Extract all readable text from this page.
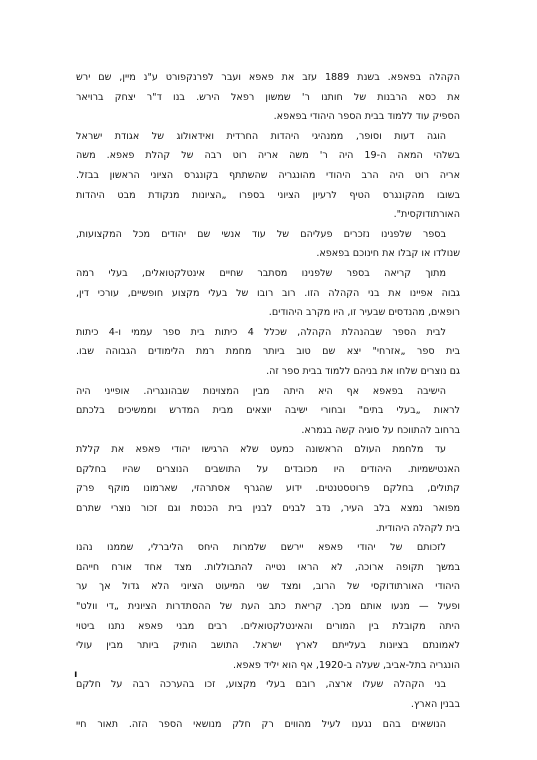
הקהלה בפאפא. בשנת 1889 עזב את פאפא ועבר לפרנקפורט ע"נ מיין, שם ירש
את כסא הרבנות של חותנו ר' שמשון רפאל הירש. בנו ד"ר יצחק ברויאר
הספיק עוד ללמוד בבית הספר היהודי בפאפא.
הוגה דעות וסופר, ממנהיגי היהדות החרדית ואידאולוג של אגודת ישראל
בשלהי המאה ה-19 היה ר' משה אריה רוט רבה של קהלת פאפא. משה
אריה רוט היה הרב היהודי מהונגריה שהשתתף בקונגרס הציוני הראשון בבזל.
בשובו מהקונגרס הטיף לרעיון הציוני בספרו „הציונות מנקודת מבט היהדות
האורתודוקסית".
בספר שלפנינו נזכרים פעליהם של עוד אנשי שם יהודים מכל המקצועות,
שנולדו או קבלו את חינוכם בפאפא.
מתוך קריאה בספר שלפנינו מסתבר שחיים אינטלקטואלים, בעלי רמה
גבוה אפיינו את בני הקהלה הזו. רוב רובו של בעלי מקצוע חופשיים, עורכי דין,
רופאים, מהנדסים שבעיר זו, היו מקרב היהודים.
לבית הספר שבהנהלת הקהלה, שכלל 4 כיתות בית ספר עממי ו-4 כיתות
בית ספר „אזרחי" יצא שם טוב ביותר מחמת רמת הלימודים הגבוהה שבו.
גם נוצרים שלחו את בניהם ללמוד בבית ספר זה.
הישיבה בפאפא אף היא היתה מבין המצוינות שבהונגריה. אופייני היה
לראות „בעלי בתים" ובחורי ישיבה יוצאים מבית המדרש וממשיכים בלכתם
ברחוב להתווכח על סוגיה קשה בגמרא.
עד מלחמת העולם הראשונה כמעט שלא הרגישו יהודי פאפא את קללת
האנטישמיות. היהודים היו מכובדים על התושבים הנוצרים שהיו בחלקם
קתולים, בחלקם פרוטסטנטים. ידוע שהגרף אסתרהזי, שארמונו מוקף פרק
מפואר נמצא בלב העיר, נדב לבנים לבנין בית הכנסת וגם זכור נוצרי שתרם
בית לקהלה היהודית.
לזכותם של יהודי פאפא יירשם שלמרות היחס הליברלי, שממנו נהנו
במשך תקופה ארוכה, לא הראו נטייה להתבוללות. מצד אחד אורח חייהם
היהודי האורתודוקסי של הרוב, ומצד שני המיעוט הציוני הלא גדול אך ער
ופעיל — מנעו אותם מכך. קריאת כתב העת של ההסתדרות הציונית „די וולט"
היתה מקובלת בין המורים והאינטלקטואלים. רבים מבני פאפא נתנו ביטוי
לאמונתם בציונות בעלייתם לארץ ישראל. התושב הותיק ביותר מבין עולי
הונגריה בתל-אביב, שעלה ב-1920, אף הוא יליד פאפא.
בני הקהלה שעלו ארצה, רובם בעלי מקצוע, זכו בהערכה רבה על חלקם
בבנין הארץ.
הנושאים בהם נגענו לעיל מהווים רק חלק מנושאי הספר הזה. תאור חיי
ו
